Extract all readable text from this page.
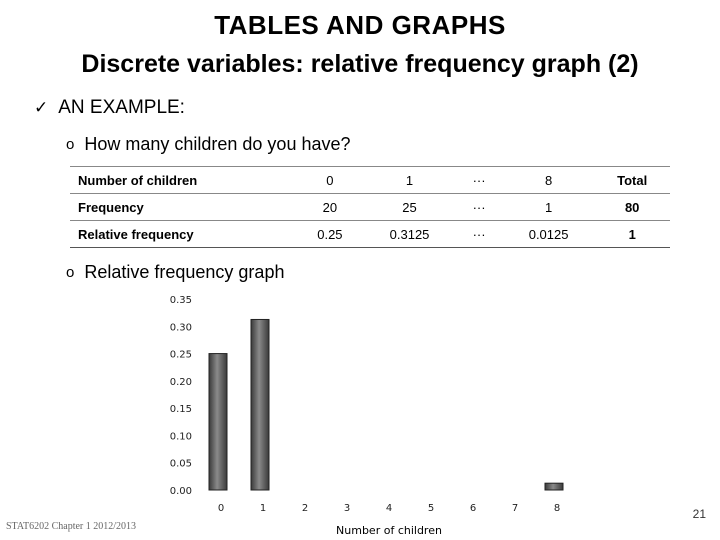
TABLES AND GRAPHS
Discrete variables: relative frequency graph (2)
✓ AN EXAMPLE:
o How many children do you have?
Number of children	0	1	···	8	Total
Frequency	20	25	···	1	80
Relative frequency	0.25	0.3125	···	0.0125	1
o Relative frequency graph
0.00
0.05
0.10
0.15
0.20
0.25
0.30
0.35
0	1	2	3	4	5	6	7	8
Number of children
STAT6202 Chapter 1 2012/2013
21
